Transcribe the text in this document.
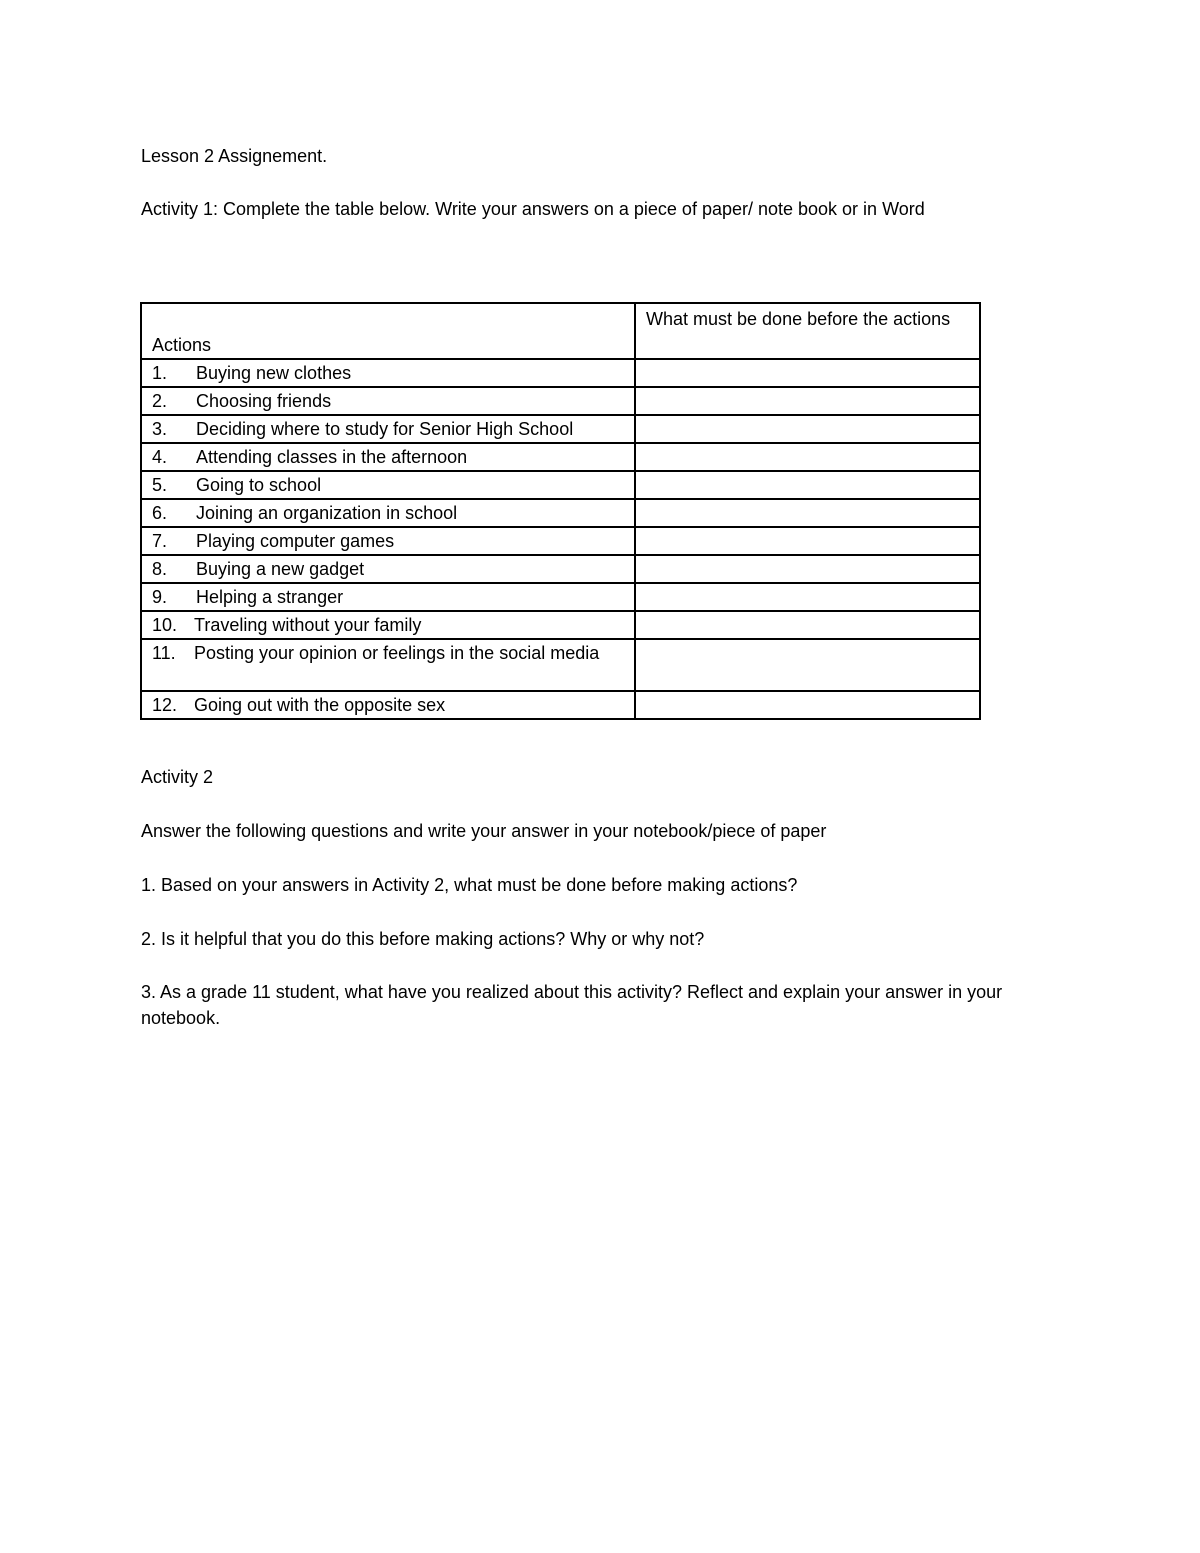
Lesson 2 Assignement.
Activity 1: Complete the table below. Write your answers on a piece of paper/ note book or in Word
Actions	What must be done before the actions
1. Buying new clothes	
2. Choosing friends	
3. Deciding where to study for Senior High School	
4. Attending classes in the afternoon	
5. Going to school	
6. Joining an organization in school	
7. Playing computer games	
8. Buying a new gadget	
9. Helping a stranger	
10. Traveling without your family	
11. Posting your opinion or feelings in the social media	
12. Going out with the opposite sex	
Activity 2
Answer the following questions and write your answer in your notebook/piece of paper
1. Based on your answers in Activity 2, what must be done before making actions?
2. Is it helpful that you do this before making actions? Why or why not?
3. As a grade 11 student, what have you realized about this activity? Reflect and explain your answer in your notebook.
